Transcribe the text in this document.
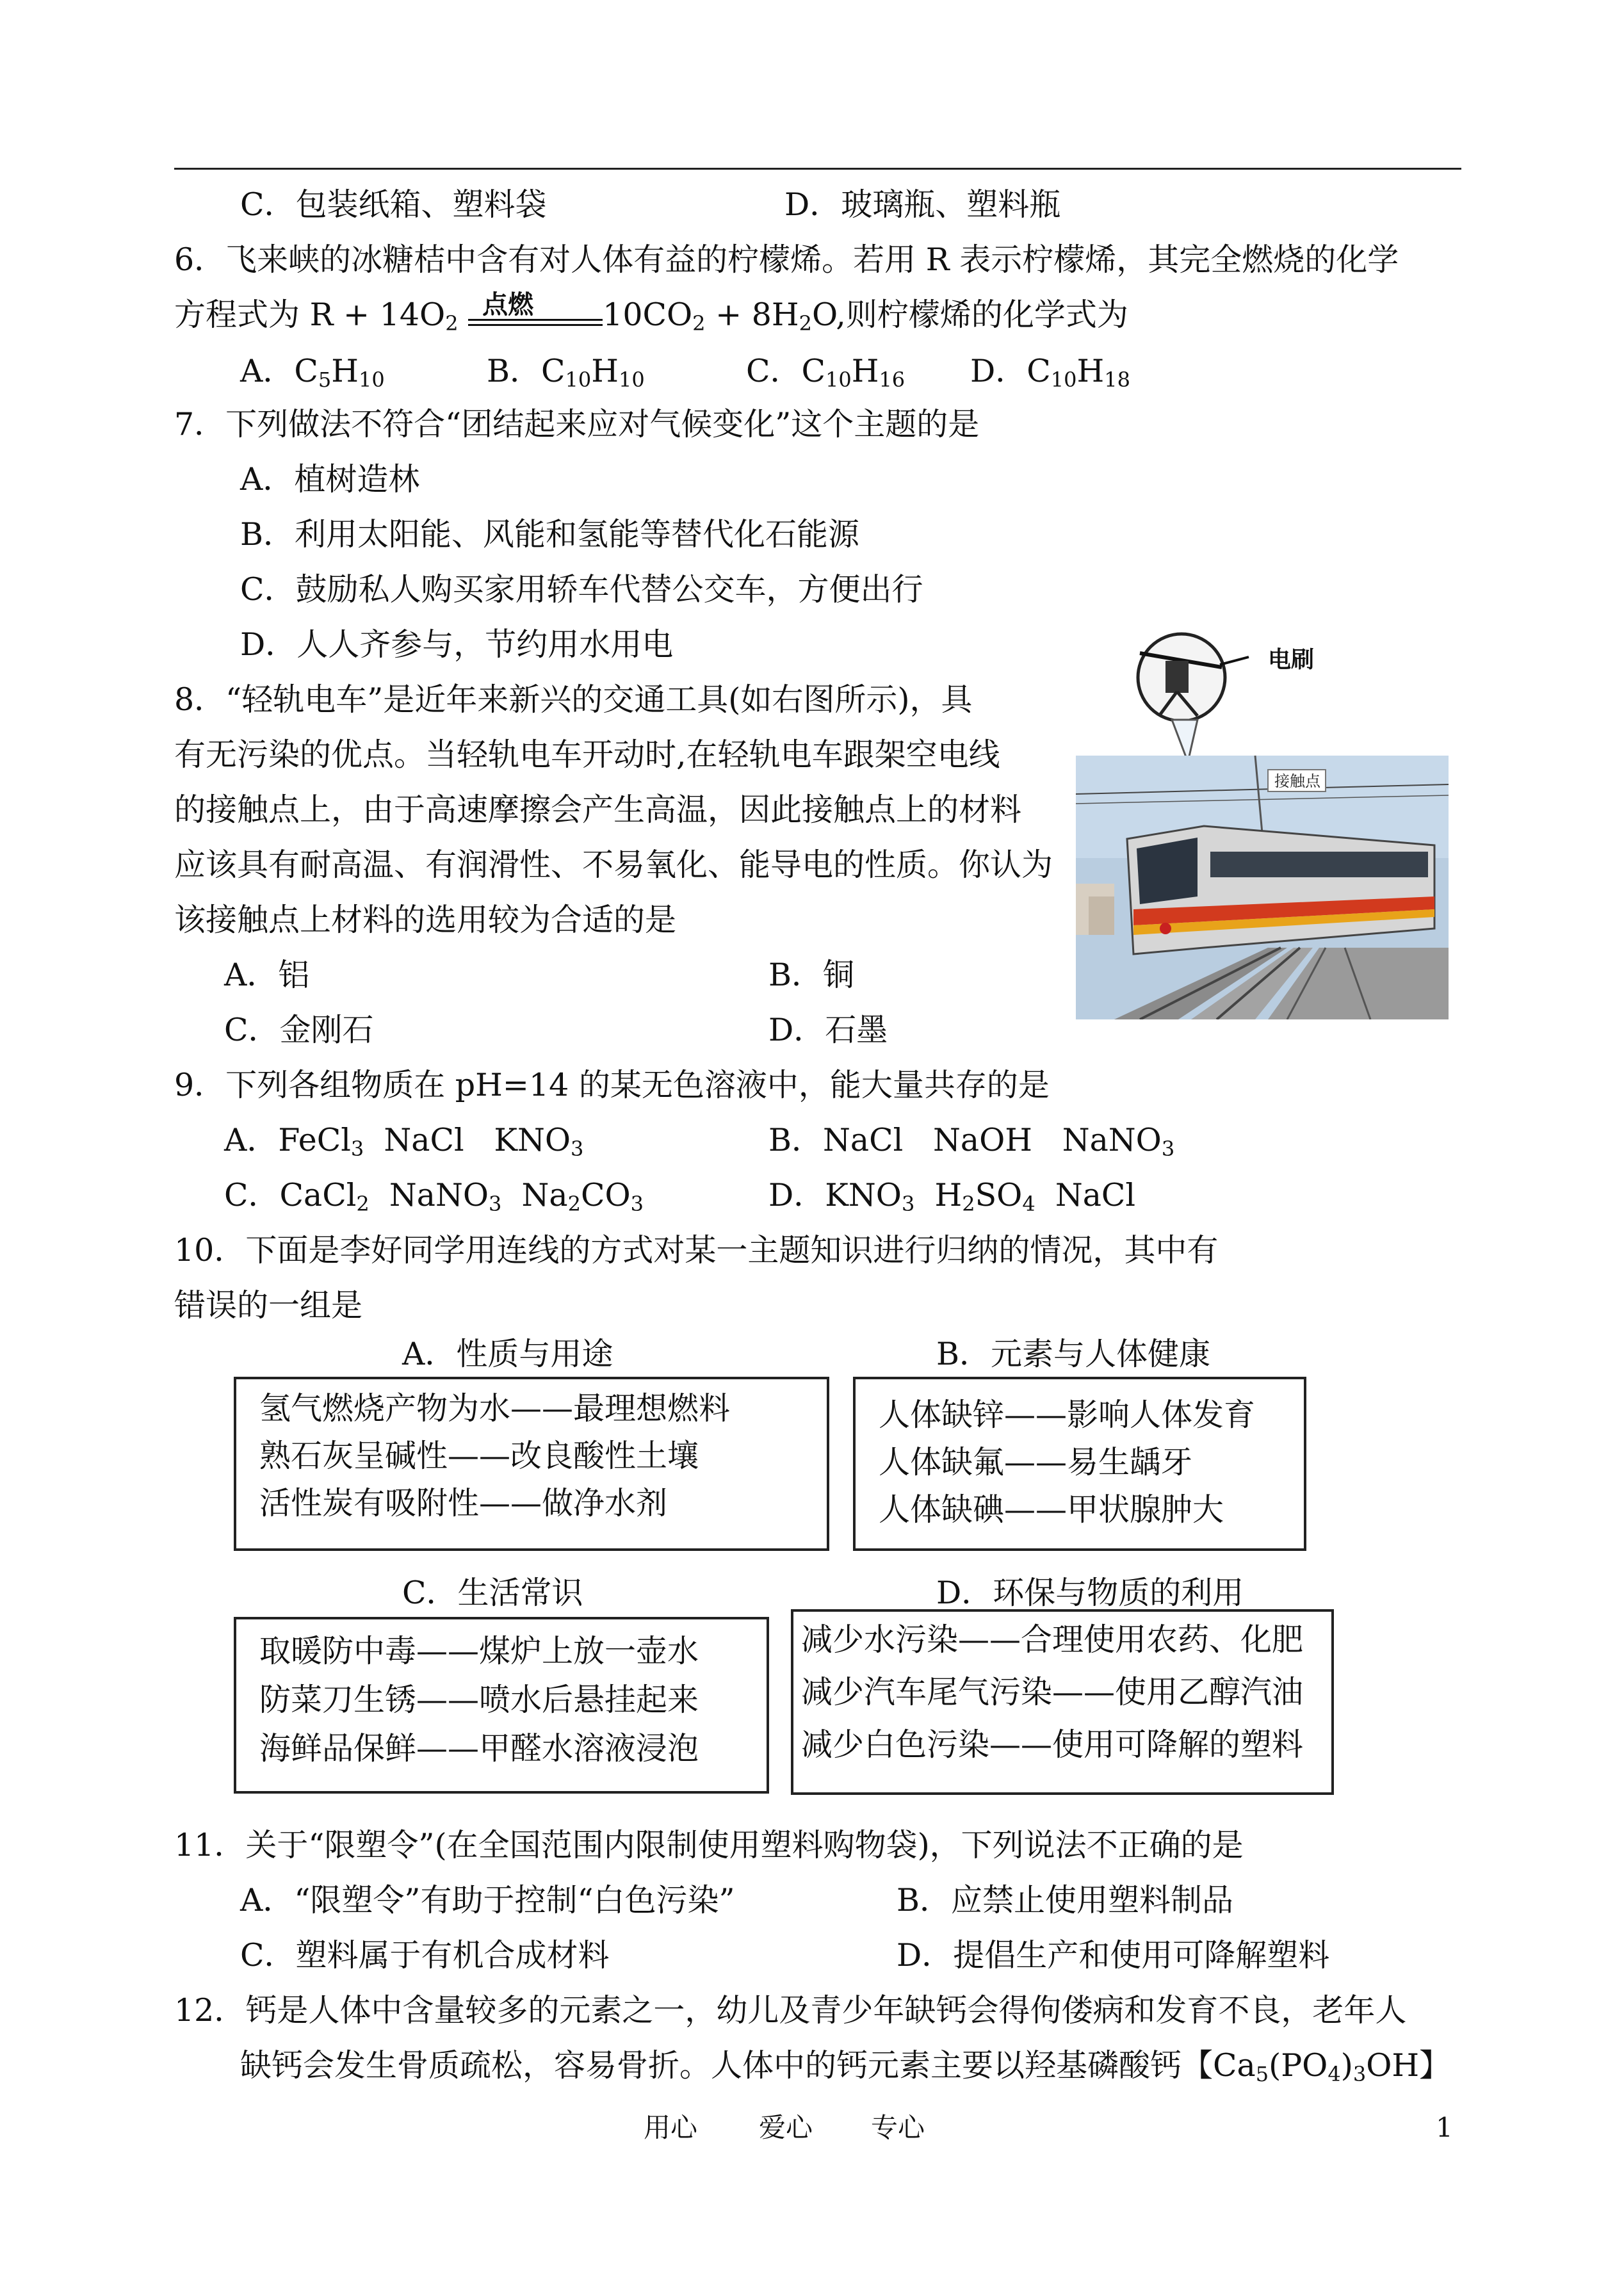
C．包装纸箱、塑料袋	D．玻璃瓶、塑料瓶
6．飞来峡的冰糖桔中含有对人体有益的柠檬烯。若用 R 表示柠檬烯，其完全燃烧的化学
方程式为 $R + 14O_2$
点燃 $10CO_2 + 8H_2O$,则柠檬烯的化学式为
A．$C_5H_{10}$	B．$C_{10}H_{10}$	C．$C_{10}H_{16}$ D．$C_{10}H_{18}$
7．下列做法不符合“团结起来应对气候变化”这个主题的是
A．植树造林
B．利用太阳能、风能和氢能等替代化石能源
C．鼓励私人购买家用轿车代替公交车，方便出行
D．人人齐参与，节约用水用电
8．“轻轨电车”是近年来新兴的交通工具(如右图所示)，具
有无污染的优点。当轻轨电车开动时,在轻轨电车跟架空电线
的接触点上，由于高速摩擦会产生高温，因此接触点上的材料
应该具有耐高温、有润滑性、不易氧化、能导电的性质。你认为
该接触点上材料的选用较为合适的是
A．铝	B．铜
C．金刚石	D．石墨
电刷
接触点
9．下列各组物质在 pH=14 的某无色溶液中，能大量共存的是
A．FeCl$_3$  NaCl   $KNO_3$	B．NaCl   NaOH   NaNO$_3$
C．CaCl$_2$  NaNO$_3$  $Na_2CO_3$	D．$KNO_3$  $H_2SO_4$  NaCl
10．下面是李好同学用连线的方式对某一主题知识进行归纳的情况，其中有
错误的一组是
A．性质与用途	B．元素与人体健康
氢气燃烧产物为水——最理想燃料
熟石灰呈碱性——改良酸性土壤
活性炭有吸附性——做净水剂
人体缺锌——影响人体发育
人体缺氟——易生龋牙
人体缺碘——甲状腺肿大
C．生活常识	D．环保与物质的利用
取暖防中毒——煤炉上放一壶水
防菜刀生锈——喷水后悬挂起来
海鲜品保鲜——甲醛水溶液浸泡
减少水污染——合理使用农药、化肥
减少汽车尾气污染——使用乙醇汽油
减少白色污染——使用可降解的塑料
11．关于“限塑令”(在全国范围内限制使用塑料购物袋)，下列说法不正确的是
A．“限塑令”有助于控制“白色污染”	B．应禁止使用塑料制品
C．塑料属于有机合成材料	D．提倡生产和使用可降解塑料
12．钙是人体中含量较多的元素之一，幼儿及青少年缺钙会得佝偻病和发育不良，老年人
缺钙会发生骨质疏松，容易骨折。人体中的钙元素主要以羟基磷酸钙【$Ca_5(PO_4)_3OH$】
用心 爱心 专心	1
